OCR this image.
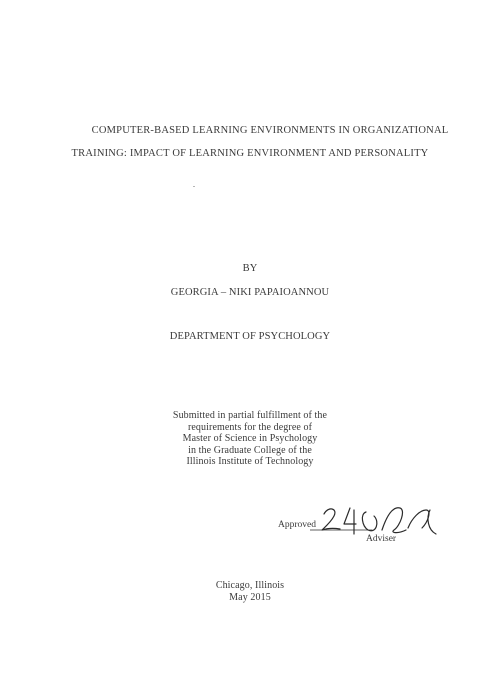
COMPUTER-BASED LEARNING ENVIRONMENTS IN ORGANIZATIONAL
TRAINING: IMPACT OF LEARNING ENVIRONMENT AND PERSONALITY
BY
GEORGIA – NIKI PAPAIOANNOU
DEPARTMENT OF PSYCHOLOGY
Submitted in partial fulfillment of the
requirements for the degree of
Master of Science in Psychology
in the Graduate College of the
Illinois Institute of Technology
Approved
Adviser
Chicago, Illinois
May 2015
